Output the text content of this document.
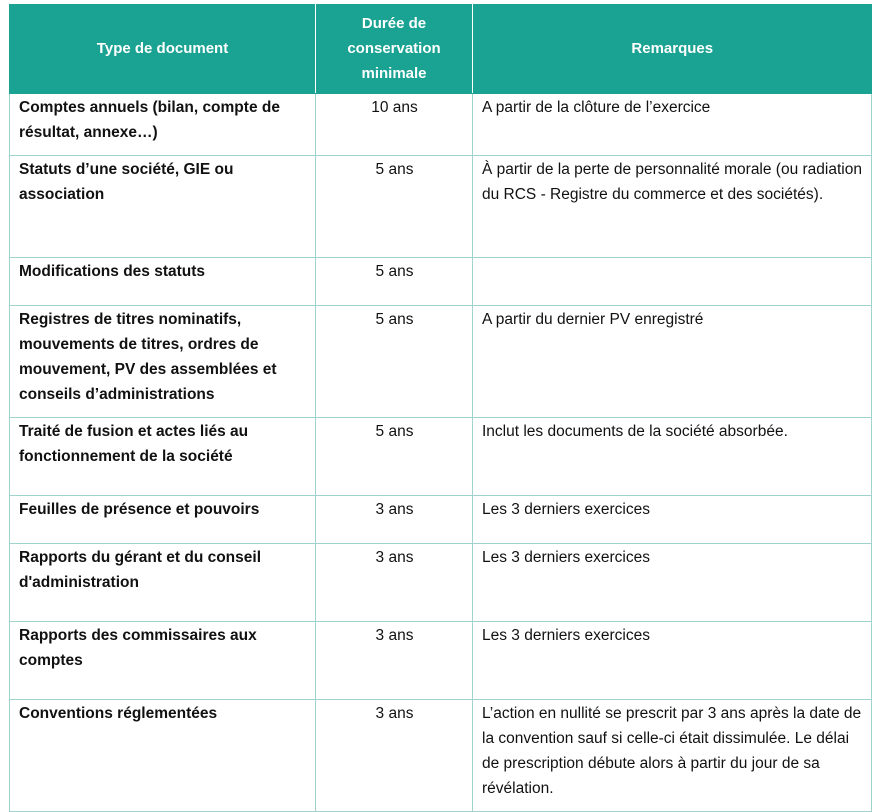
Type de document	Durée de conservation minimale	Remarques
Comptes annuels (bilan, compte de résultat, annexe…)	10 ans	A partir de la clôture de l’exercice
Statuts d’une société, GIE ou association	5 ans	À partir de la perte de personnalité morale (ou radiation du RCS - Registre du commerce et des sociétés).
Modifications des statuts	5 ans	
Registres de titres nominatifs, mouvements de titres, ordres de mouvement, PV des assemblées et conseils d’administrations	5 ans	A partir du dernier PV enregistré
Traité de fusion et actes liés au fonctionnement de la société	5 ans	Inclut les documents de la société absorbée.
Feuilles de présence et pouvoirs	3 ans	Les 3 derniers exercices
Rapports du gérant et du conseil d'administration	3 ans	Les 3 derniers exercices
Rapports des commissaires aux comptes	3 ans	Les 3 derniers exercices
Conventions réglementées	3 ans	L’action en nullité se prescrit par 3 ans après la date de la convention sauf si celle-ci était dissimulée. Le délai de prescription débute alors à partir du jour de sa révélation.
